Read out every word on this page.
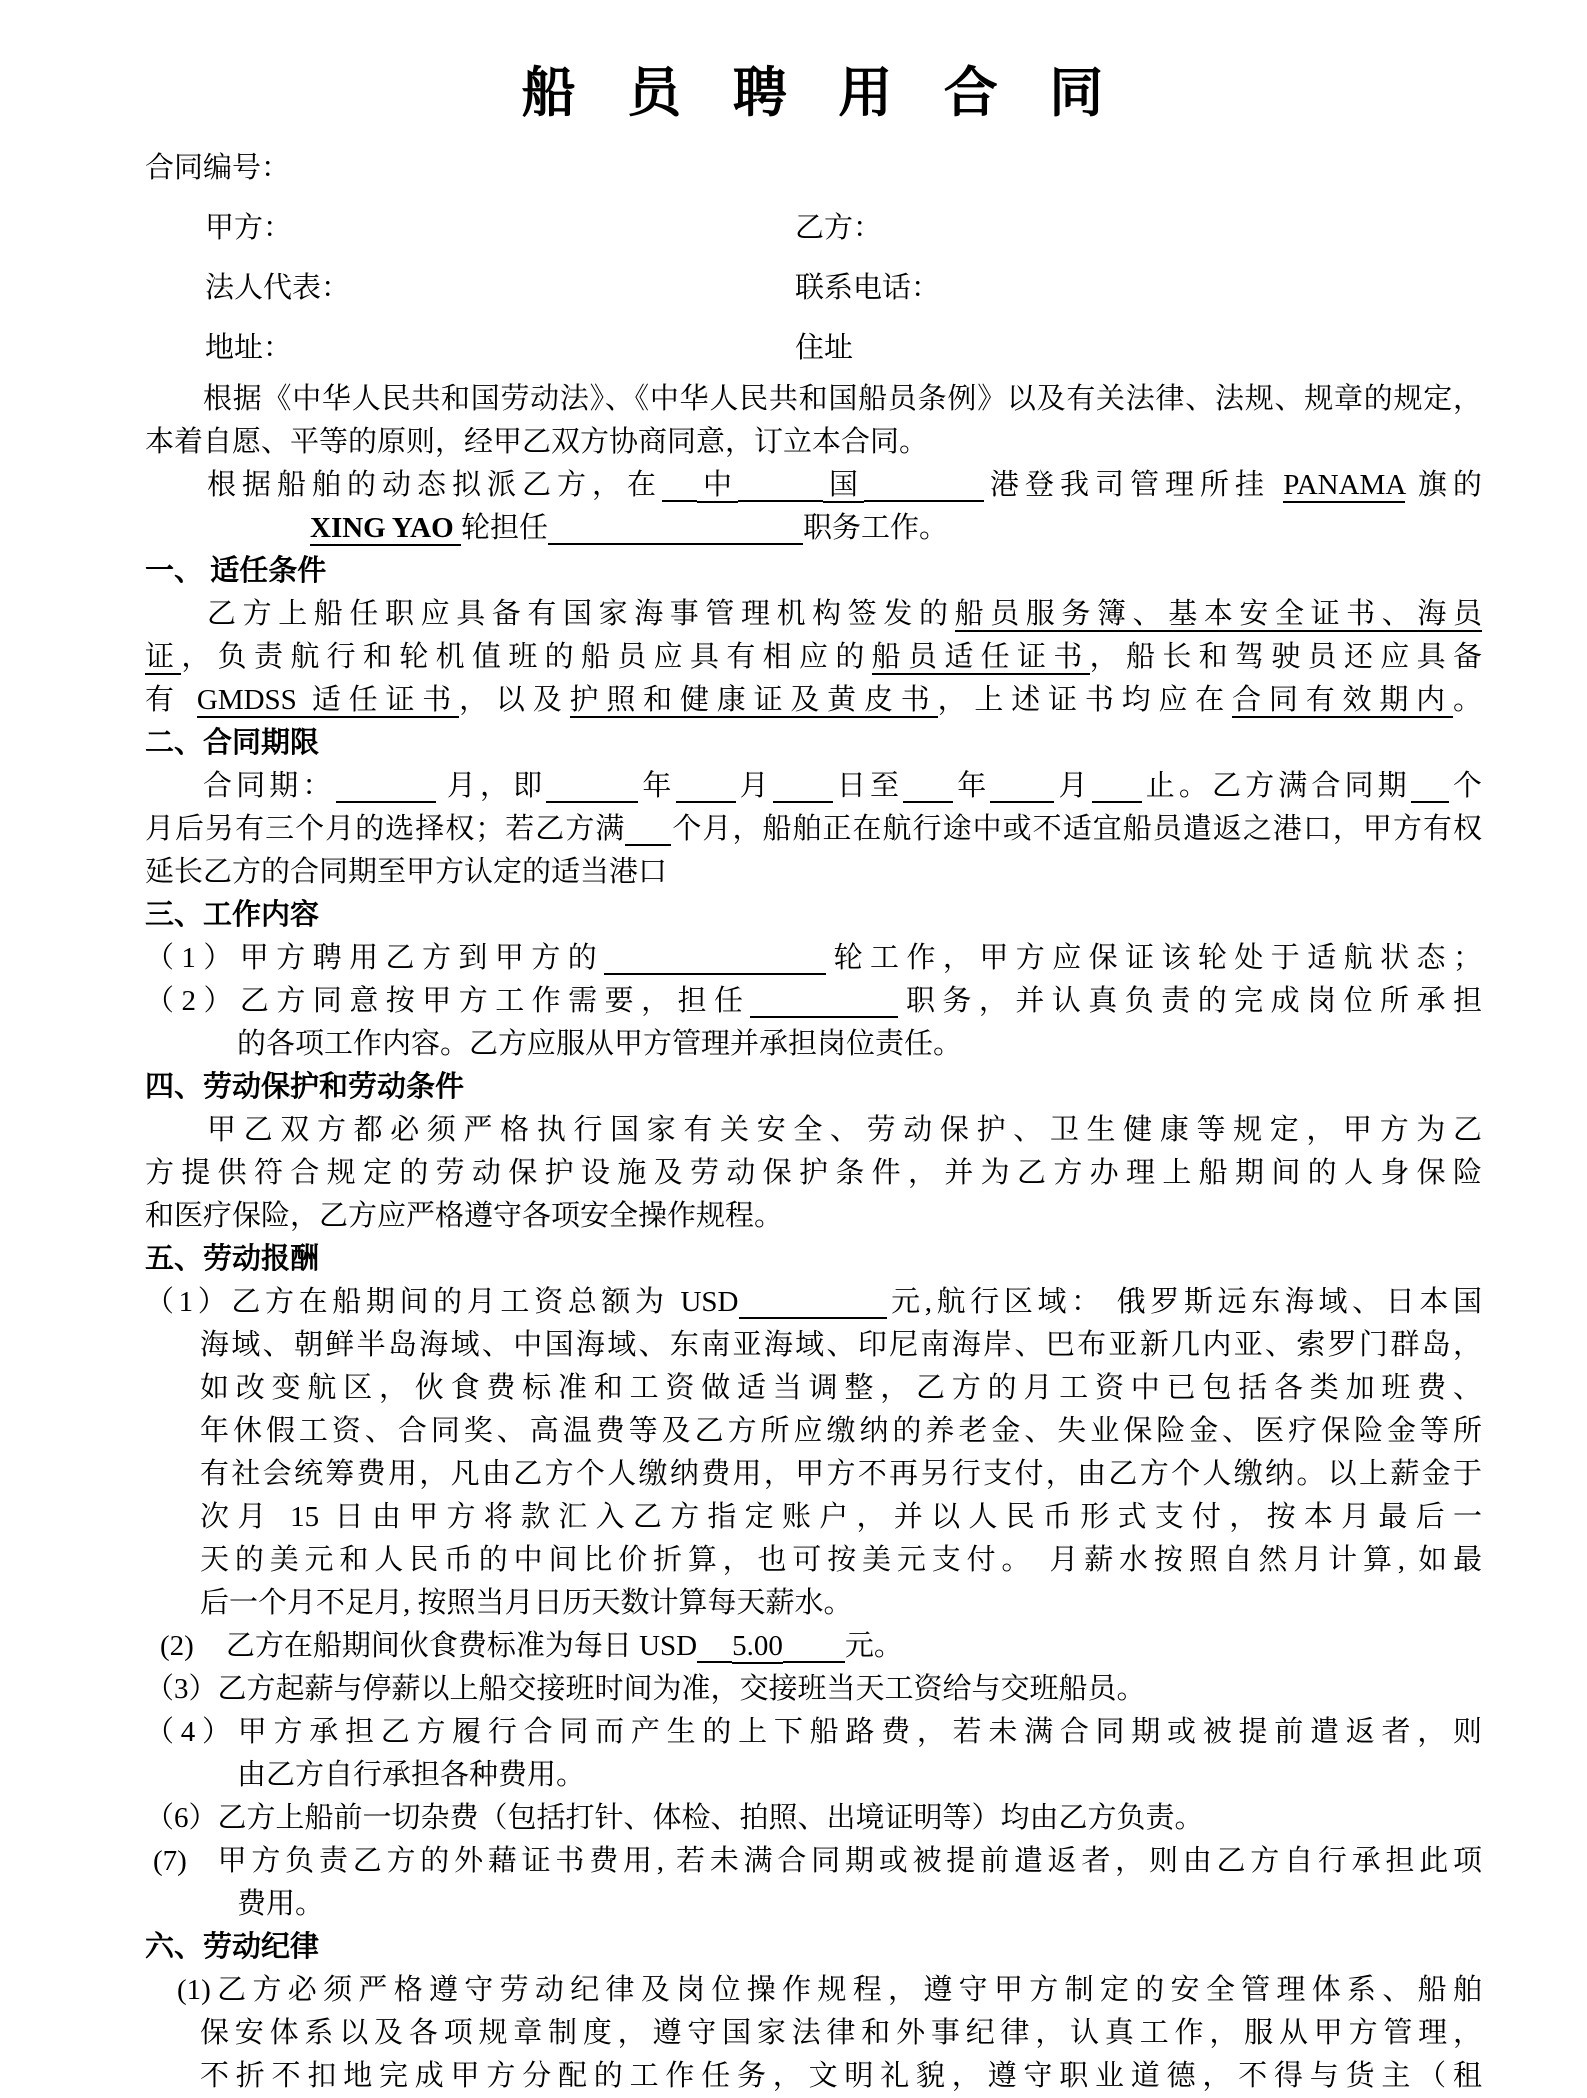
船 员 聘 用 合 同
合同编号：
甲方：	乙方：
法人代表：	联系电话：
地址：	住址
根据《中华人民共和国劳动法》、《中华人民共和国船员条例》以及有关法律、法规、规章的规定，
本着自愿、平等的原则，经甲乙双方协商同意，订立本合同。
根据船舶的动态拟派乙方，在 中	国	港登我司管理所挂 PANAMA 旗的
XING YAO 轮担任	职务工作。
一、 适任条件
乙方上船任职应具备有国家海事管理机构签发的船员服务簿、基本安全证书、海员
证，负责航行和轮机值班的船员应具有相应的船员适任证书，船长和驾驶员还应具备
有 GMDSS 适任证书，以及护照和健康证及黄皮书，上述证书均应在合同有效期内。
二、合同期限
合同期：	月，即	年 月 日至 年 月 止。乙方满合同期 个
月后另有三个月的选择权；若乙方满 个月，船舶正在航行途中或不适宜船员遣返之港口，甲方有权
延长乙方的合同期至甲方认定的适当港口
三、工作内容
（1）甲方聘用乙方到甲方的	轮工作，甲方应保证该轮处于适航状态；
（2）乙方同意按甲方工作需要，担任	职务，并认真负责的完成岗位所承担
的各项工作内容。乙方应服从甲方管理并承担岗位责任。
四、劳动保护和劳动条件
甲乙双方都必须严格执行国家有关安全、劳动保护、卫生健康等规定，甲方为乙
方提供符合规定的劳动保护设施及劳动保护条件，并为乙方办理上船期间的人身保险
和医疗保险，乙方应严格遵守各项安全操作规程。
五、劳动报酬
（1）乙方在船期间的月工资总额为 USD	元,航行区域： 俄罗斯远东海域、日本国
海域、朝鲜半岛海域、中国海域、东南亚海域、印尼南海岸、巴布亚新几内亚、索罗门群岛，
如改变航区，伙食费标准和工资做适当调整，乙方的月工资中已包括各类加班费、
年休假工资、合同奖、高温费等及乙方所应缴纳的养老金、失业保险金、医疗保险金等所
有社会统筹费用，凡由乙方个人缴纳费用，甲方不再另行支付，由乙方个人缴纳。以上薪金于
次月 15 日由甲方将款汇入乙方指定账户，并以人民币形式支付，按本月最后一
天的美元和人民币的中间比价折算，也可按美元支付。 月薪水按照自然月计算, 如最
后一个月不足月, 按照当月日历天数计算每天薪水。
(2) 乙方在船期间伙食费标准为每日 USD 5.00 元。
（3）乙方起薪与停薪以上船交接班时间为准，交接班当天工资给与交班船员。
（4）甲方承担乙方履行合同而产生的上下船路费，若未满合同期或被提前遣返者，则
由乙方自行承担各种费用。
（6）乙方上船前一切杂费（包括打针、体检、拍照、出境证明等）均由乙方负责。
(7) 甲方负责乙方的外藉证书费用, 若未满合同期或被提前遣返者，则由乙方自行承担此项
费用。
六、劳动纪律
(1)乙方必须严格遵守劳动纪律及岗位操作规程，遵守甲方制定的安全管理体系、船舶
保安体系以及各项规章制度，遵守国家法律和外事纪律，认真工作，服从甲方管理，
不折不扣地完成甲方分配的工作任务，文明礼貌，遵守职业道德，不得与货主（租
